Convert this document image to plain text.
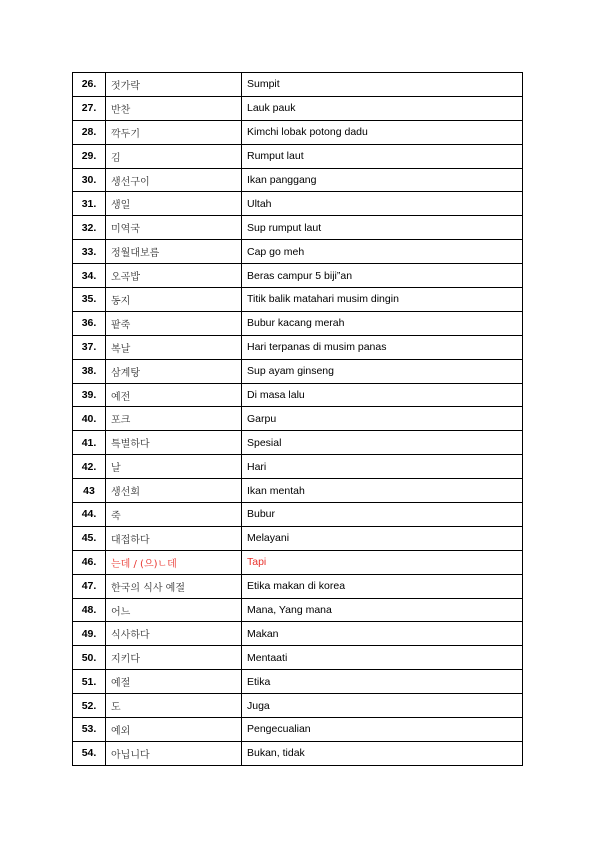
26.	젓가락	Sumpit
27.	반찬	Lauk pauk
28.	깍두기	Kimchi lobak potong dadu
29.	김	Rumput laut
30.	생선구이	Ikan panggang
31.	생일	Ultah
32.	미역국	Sup rumput laut
33.	정월대보름	Cap go meh
34.	오곡밥	Beras campur 5 biji”an
35.	동지	Titik balik matahari musim dingin
36.	팥죽	Bubur kacang merah
37.	복날	Hari terpanas di musim panas
38.	삼계탕	Sup ayam ginseng
39.	예전	Di masa lalu
40.	포크	Garpu
41.	특별하다	Spesial
42.	날	Hari
43	생선회	Ikan mentah
44.	죽	Bubur
45.	대접하다	Melayani
46.	는데 / (으)ㄴ데	Tapi
47.	한국의 식사 예절	Etika makan di korea
48.	어느	Mana, Yang mana
49.	식사하다	Makan
50.	지키다	Mentaati
51.	예절	Etika
52.	도	Juga
53.	예외	Pengecualian
54.	아닙니다	Bukan, tidak
